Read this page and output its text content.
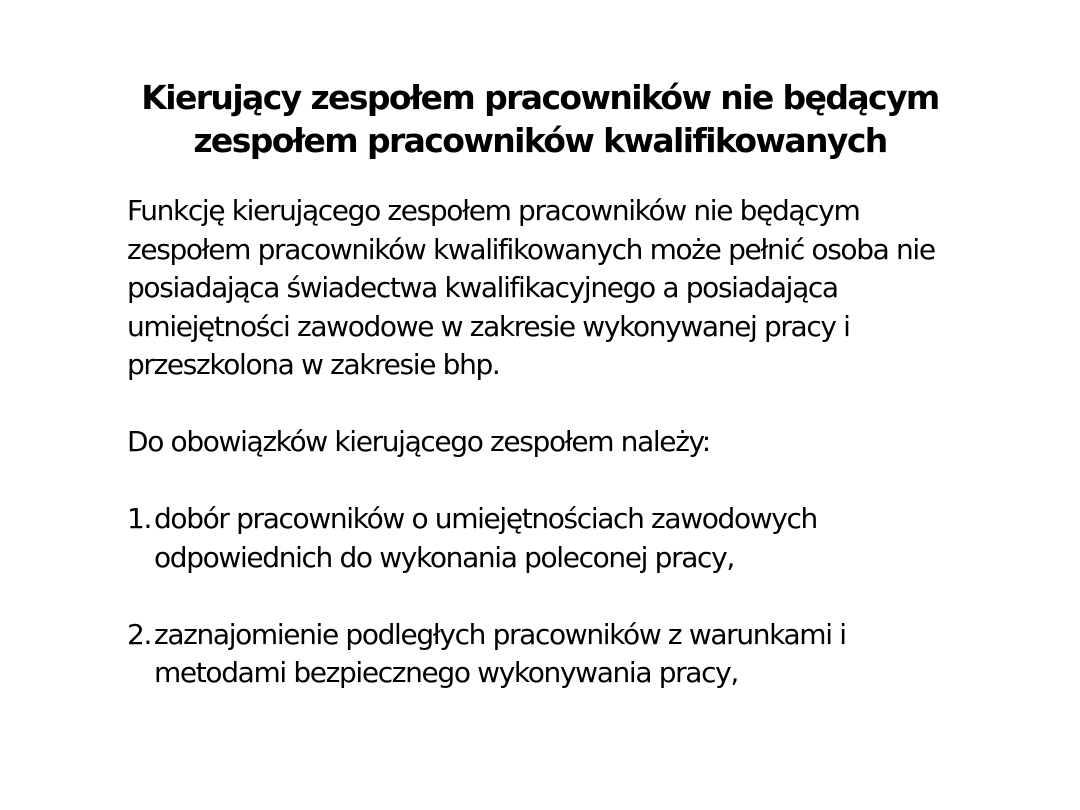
Kierujący zespołem pracowników nie będącym
zespołem pracowników kwalifikowanych
Funkcję kierującego zespołem pracowników nie będącym
zespołem pracowników kwalifikowanych może pełnić osoba nie
posiadająca świadectwa kwalifikacyjnego a posiadająca
umiejętności zawodowe w zakresie wykonywanej pracy i
przeszkolona w zakresie bhp.
Do obowiązków kierującego zespołem należy:
1. dobór pracowników o umiejętnościach zawodowych
odpowiednich do wykonania poleconej pracy,
2. zaznajomienie podległych pracowników z warunkami i
metodami bezpiecznego wykonywania pracy,
